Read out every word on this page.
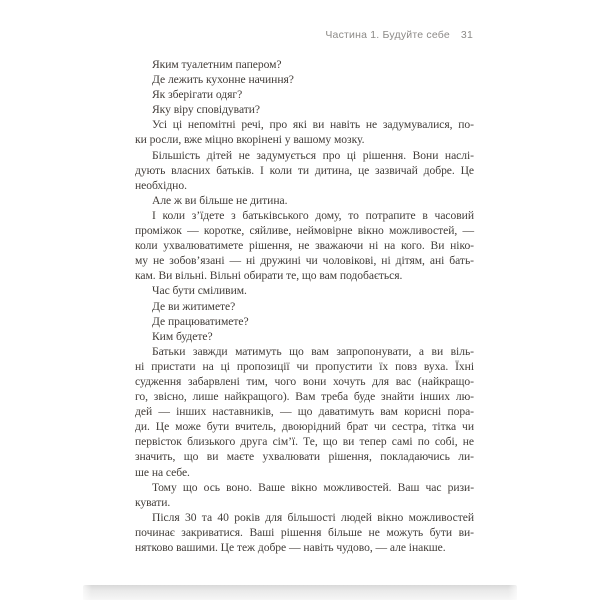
Частина 1. Будуйте себе 31
Яким туалетним папером?
Де лежить кухонне начиння?
Як зберігати одяг?
Яку віру сповідувати?
Усі ці непомітні речі, про які ви навіть не задумувалися, по-
ки росли, вже міцно вкорінені у вашому мозку.
Більшість дітей не задумується про ці рішення. Вони наслі-
дують власних батьків. І коли ти дитина, це зазвичай добре. Це
необхідно.
Але ж ви більше не дитина.
І коли з’їдете з батьківського дому, то потрапите в часовий
проміжок — коротке, сяйливе, неймовірне вікно можливостей, —
коли ухвалюватимете рішення, не зважаючи ні на кого. Ви ніко-
му не зобов’язані — ні дружині чи чоловікові, ні дітям, ані бать-
кам. Ви вільні. Вільні обирати те, що вам подобається.
Час бути сміливим.
Де ви житимете?
Де працюватимете?
Ким будете?
Батьки завжди матимуть що вам запропонувати, а ви віль-
ні пристати на ці пропозиції чи пропустити їх повз вуха. Їхні
судження забарвлені тим, чого вони хочуть для вас (найкращо-
го, звісно, лише найкращого). Вам треба буде знайти інших лю-
дей — інших наставників, — що даватимуть вам корисні пора-
ди. Це може бути вчитель, двоюрідний брат чи сестра, тітка чи
первісток близького друга сім’ї. Те, що ви тепер самі по собі, не
значить, що ви маєте ухвалювати рішення, покладаючись ли-
ше на себе.
Тому що ось воно. Ваше вікно можливостей. Ваш час ризи-
кувати.
Після 30 та 40 років для більшості людей вікно можливостей
починає закриватися. Ваші рішення більше не можуть бути ви-
нятково вашими. Це теж добре — навіть чудово, — але інакше.
